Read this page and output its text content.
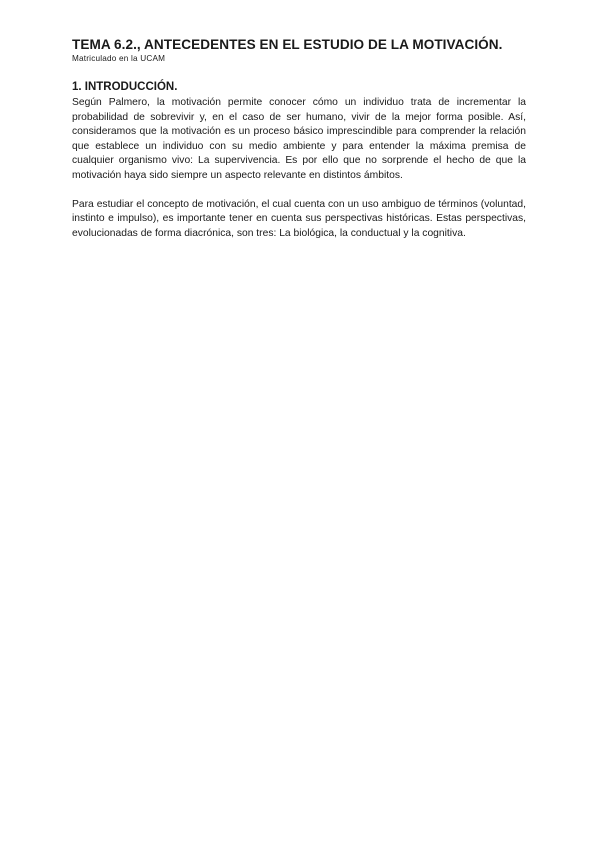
TEMA 6.2., ANTECEDENTES EN EL ESTUDIO DE LA MOTIVACIÓN.
Matriculado en la UCAM
1. INTRODUCCIÓN.

Según Palmero, la motivación permite conocer cómo un individuo trata de incrementar la probabilidad de sobrevivir y, en el caso de ser humano, vivir de la mejor forma posible. Así, consideramos que la motivación es un proceso básico imprescindible para comprender la relación que establece un individuo con su medio ambiente y para entender la máxima premisa de cualquier organismo vivo: La supervivencia. Es por ello que no sorprende el hecho de que la motivación haya sido siempre un aspecto relevante en distintos ámbitos.

Para estudiar el concepto de motivación, el cual cuenta con un uso ambiguo de términos (voluntad, instinto e impulso), es importante tener en cuenta sus perspectivas históricas. Estas perspectivas, evolucionadas de forma diacrónica, son tres: La biológica, la conductual y la cognitiva.
